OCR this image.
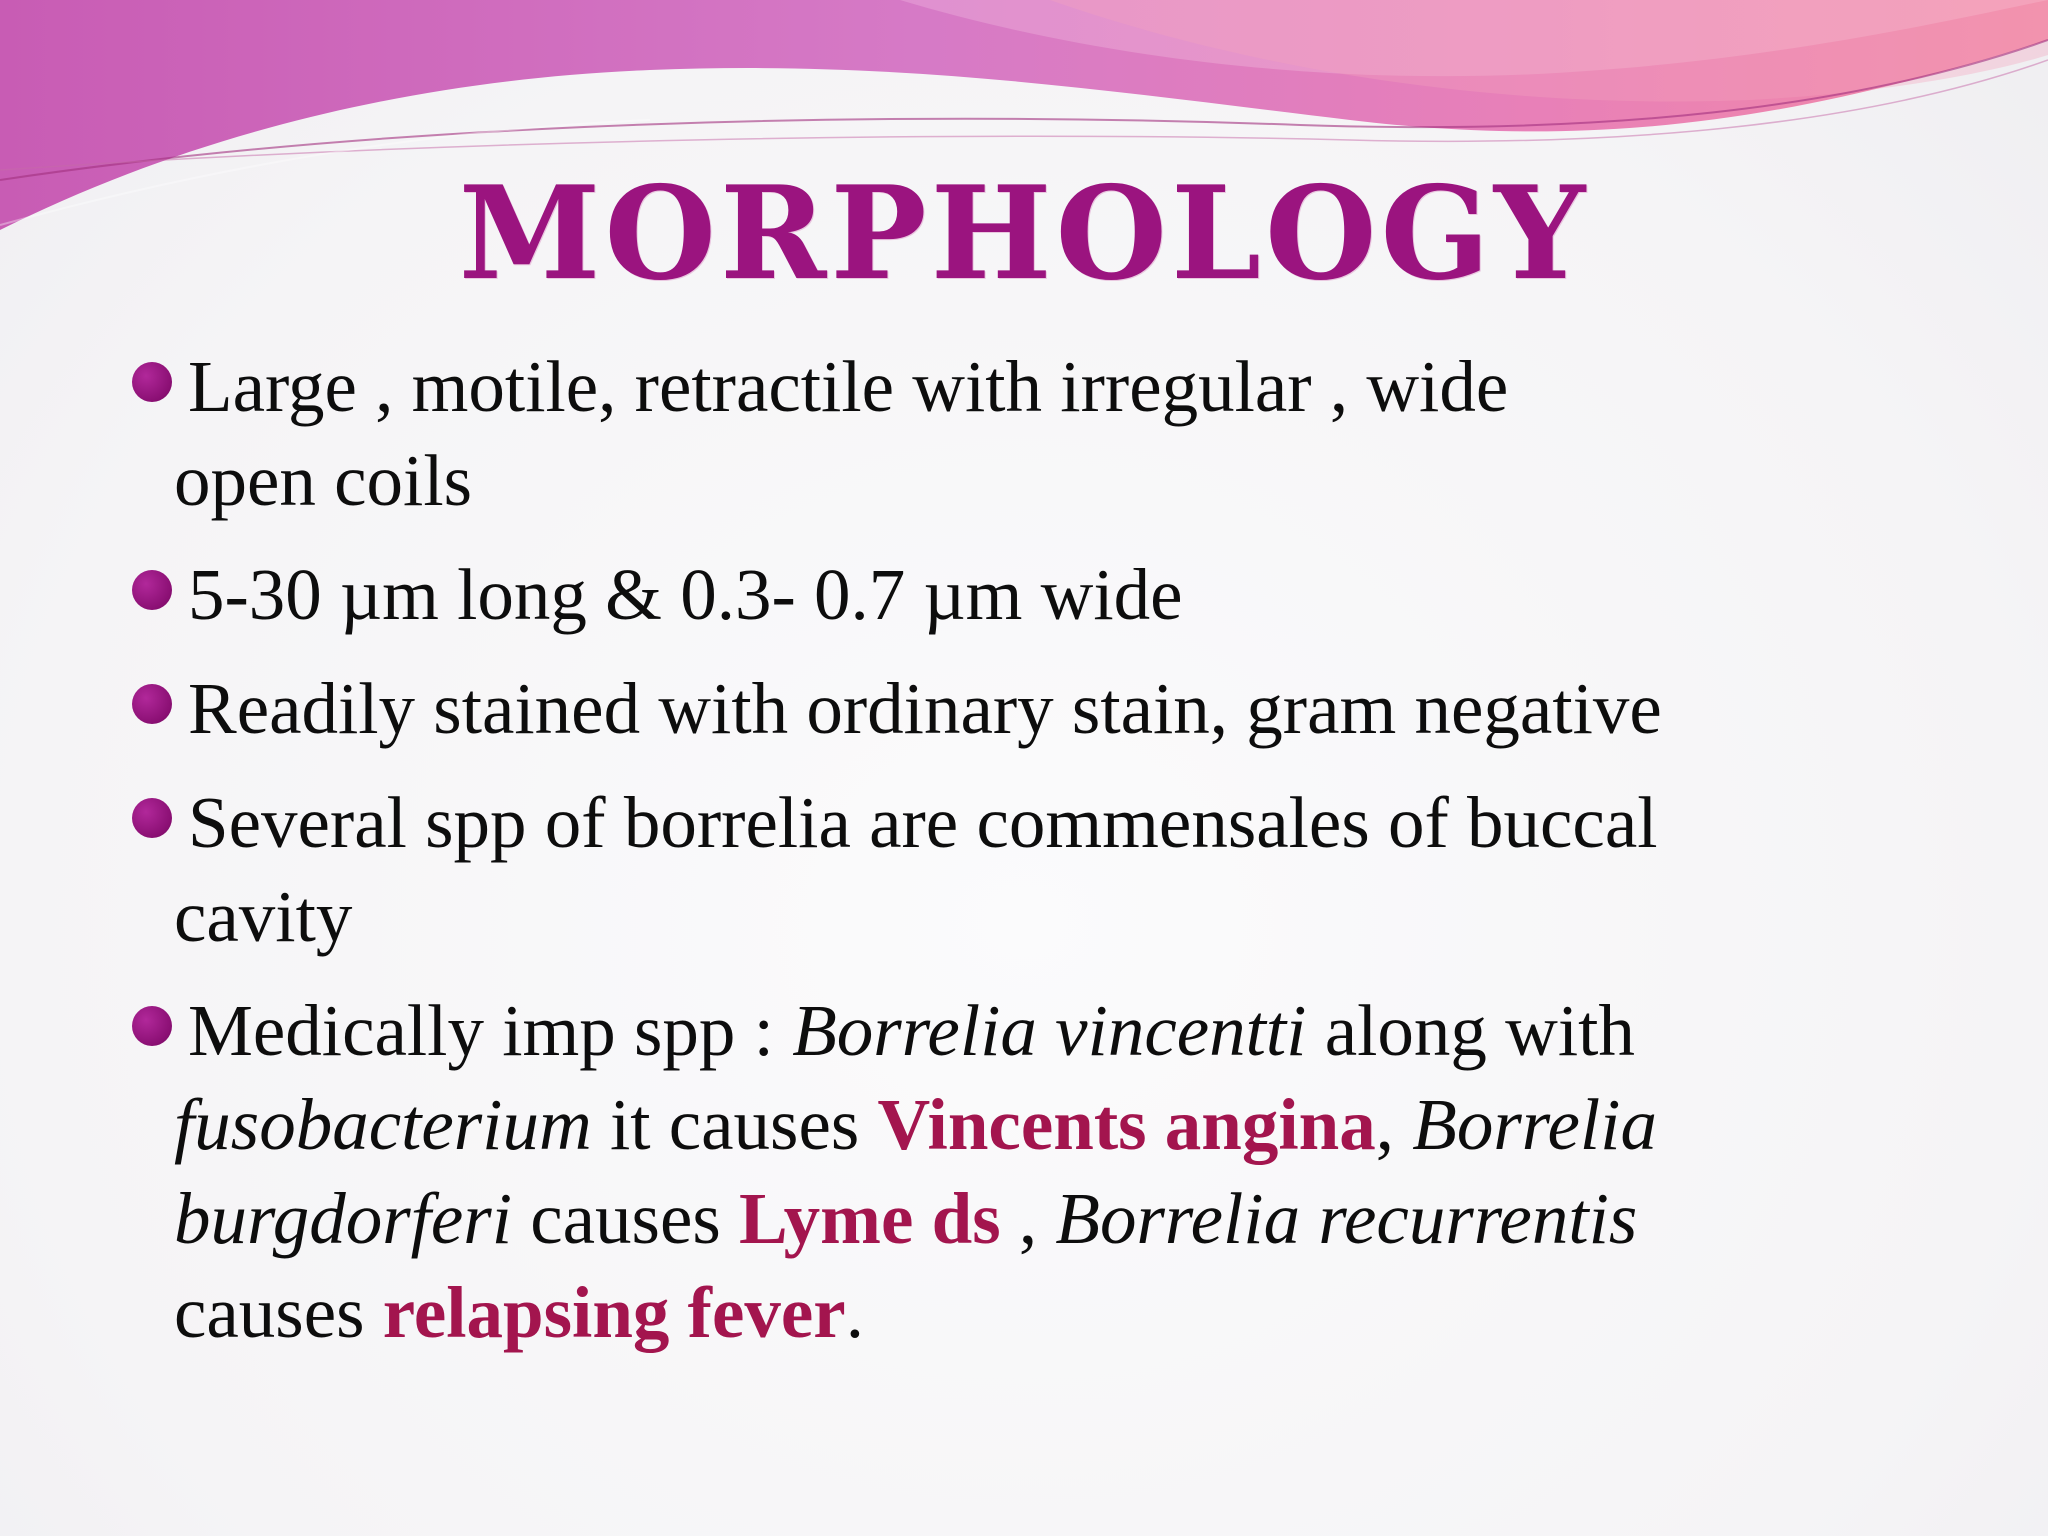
MORPHOLOGY
Large , motile, retractile with irregular , wide
open coils
5-30 µm long & 0.3- 0.7 µm wide
Readily stained with ordinary stain, gram negative
Several spp of borrelia are commensales of buccal
cavity
Medically imp spp : Borrelia vincentti along with
fusobacterium it causes Vincents angina, Borrelia
burgdorferi causes Lyme ds , Borrelia recurrentis
causes relapsing fever.
